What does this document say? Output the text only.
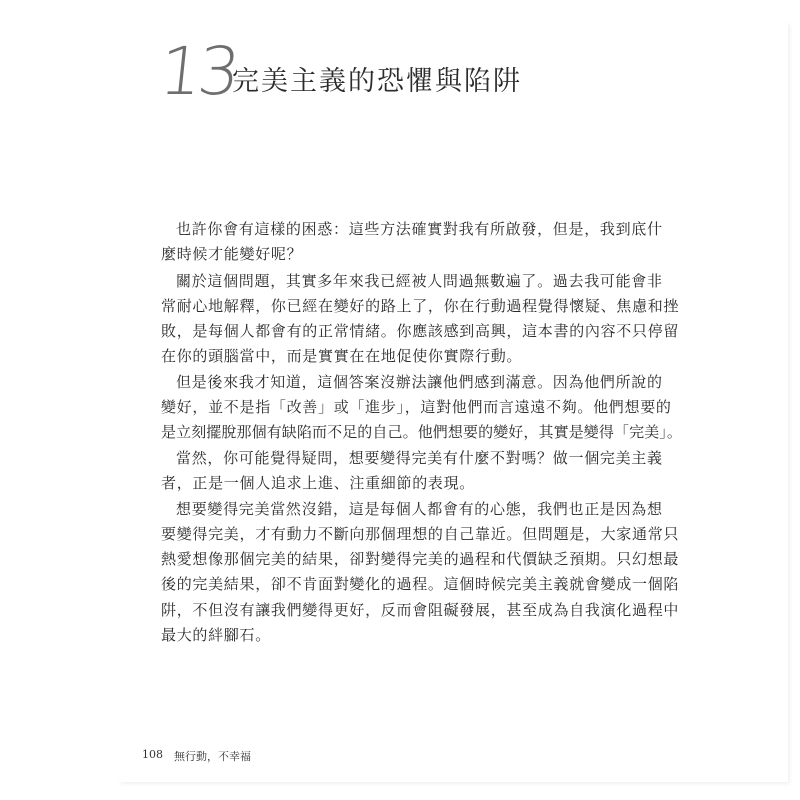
13
完美主義的恐懼與陷阱
也許你會有這樣的困惑：這些方法確實對我有所啟發，但是，我到底什
麼時候才能變好呢？
關於這個問題，其實多年來我已經被人問過無數遍了。過去我可能會非
常耐心地解釋，你已經在變好的路上了，你在行動過程覺得懷疑、焦慮和挫
敗，是每個人都會有的正常情緒。你應該感到高興，這本書的內容不只停留
在你的頭腦當中，而是實實在在地促使你實際行動。
但是後來我才知道，這個答案沒辦法讓他們感到滿意。因為他們所說的
變好，並不是指「改善」或「進步」，這對他們而言遠遠不夠。他們想要的
是立刻擺脫那個有缺陷而不足的自己。他們想要的變好，其實是變得「完美」。
當然，你可能覺得疑問，想要變得完美有什麼不對嗎？做一個完美主義
者，正是一個人追求上進、注重細節的表現。
想要變得完美當然沒錯，這是每個人都會有的心態，我們也正是因為想
要變得完美，才有動力不斷向那個理想的自己靠近。但問題是，大家通常只
熱愛想像那個完美的結果，卻對變得完美的過程和代價缺乏預期。只幻想最
後的完美結果，卻不肯面對變化的過程。這個時候完美主義就會變成一個陷
阱，不但沒有讓我們變得更好，反而會阻礙發展，甚至成為自我演化過程中
最大的絆腳石。
108 無行動，不幸福
